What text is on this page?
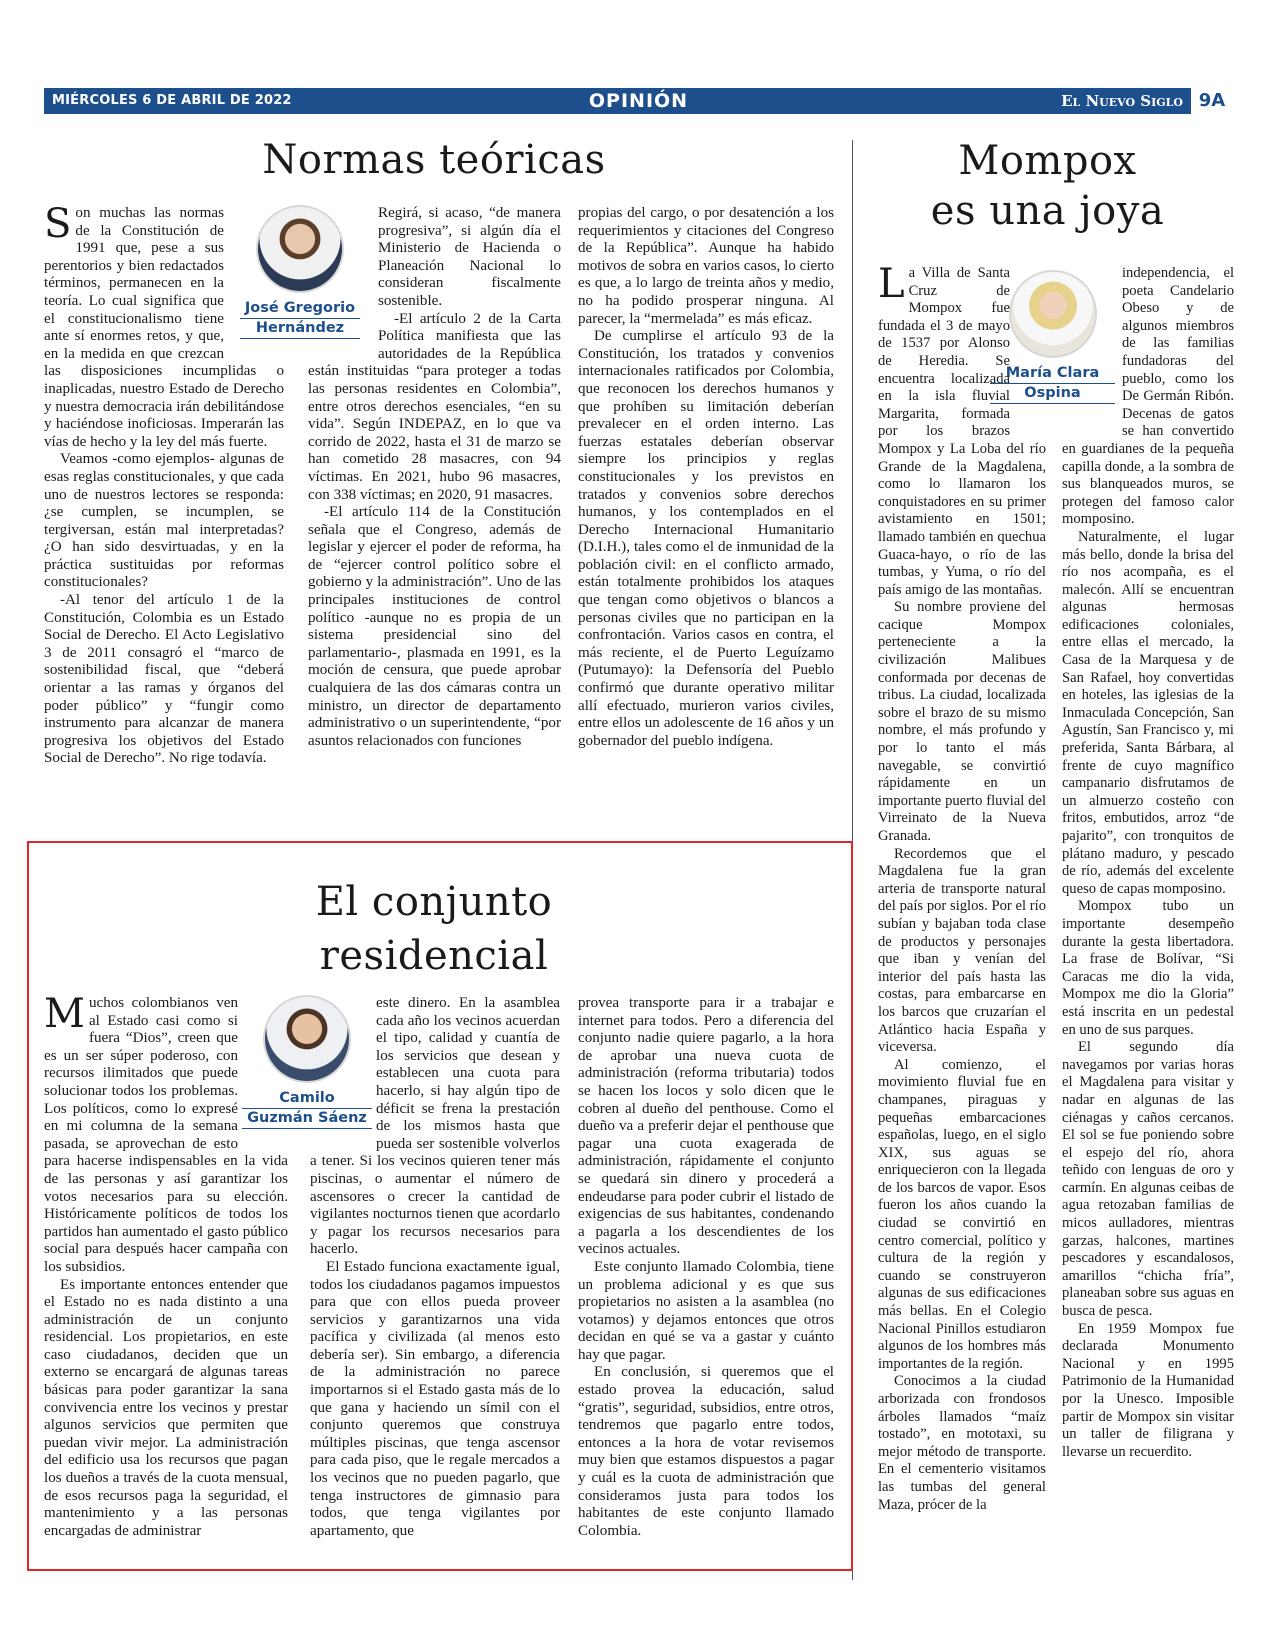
MIÉRCOLES 6 DE ABRIL DE 2022	OPINIÓN	El Nuevo Siglo 9A
Normas teóricas
José Gregorio
Hernández

Son muchas las normas de la Constitución de 1991 que, pese a sus perentorios y bien redactados términos, permanecen en la teoría. Lo cual significa que el constitucionalismo tiene ante sí enormes retos, y que, en la medida en que crezcan las disposiciones incumplidas o inaplicadas, nuestro Estado de Derecho y nuestra democracia irán debilitándose y haciéndose inoficiosas. Imperarán las vías de hecho y la ley del más fuerte.

Veamos -como ejemplos- algunas de esas reglas constitucionales, y que cada uno de nuestros lectores se responda: ¿se cumplen, se incumplen, se tergiversan, están mal interpretadas? ¿O han sido desvirtuadas, y en la práctica sustituidas por reformas constitucionales?

-Al tenor del artículo 1 de la Constitución, Colombia es un Estado Social de Derecho. El Acto Legislativo 3 de 2011 consagró el “marco de sostenibilidad fiscal, que “deberá orientar a las ramas y órganos del poder público” y “fungir como instrumento para alcanzar de manera progresiva los objetivos del Estado Social de Derecho”. No rige todavía.

Regirá, si acaso, “de manera progresiva”, si algún día el Ministerio de Hacienda o Planeación Nacional lo consideran fiscalmente sostenible.

-El artículo 2 de la Carta Política manifiesta que las autoridades de la República están instituidas “para proteger a todas las personas residentes en Colombia”, entre otros derechos esenciales, “en su vida”. Según INDEPAZ, en lo que va corrido de 2022, hasta el 31 de marzo se han cometido 28 masacres, con 94 víctimas. En 2021, hubo 96 masacres, con 338 víctimas; en 2020, 91 masacres.

-El artículo 114 de la Constitución señala que el Congreso, además de legislar y ejercer el poder de reforma, ha de “ejercer control político sobre el gobierno y la administración”. Uno de las principales instituciones de control político -aunque no es propia de un sistema presidencial sino del parlamentario-, plasmada en 1991, es la moción de censura, que puede aprobar cualquiera de las dos cámaras contra un ministro, un director de departamento administrativo o un superintendente, “por asuntos relacionados con funciones

propias del cargo, o por desatención a los requerimientos y citaciones del Congreso de la República”. Aunque ha habido motivos de sobra en varios casos, lo cierto es que, a lo largo de treinta años y medio, no ha podido prosperar ninguna. Al parecer, la “mermelada” es más eficaz.

De cumplirse el artículo 93 de la Constitución, los tratados y convenios internacionales ratificados por Colombia, que reconocen los derechos humanos y que prohíben su limitación deberían prevalecer en el orden interno. Las fuerzas estatales deberían observar siempre los principios y reglas constitucionales y los previstos en tratados y convenios sobre derechos humanos, y los contemplados en el Derecho Internacional Humanitario (D.I.H.), tales como el de inmunidad de la población civil: en el conflicto armado, están totalmente prohibidos los ataques que tengan como objetivos o blancos a personas civiles que no participan en la confrontación. Varios casos en contra, el más reciente, el de Puerto Leguízamo (Putumayo): la Defensoría del Pueblo confirmó que durante operativo militar allí efectuado, murieron varios civiles, entre ellos un adolescente de 16 años y un gobernador del pueblo indígena.

El conjunto
residencial
Camilo
Guzmán Sáenz

Muchos colombianos ven al Estado casi como si fuera “Dios”, creen que es un ser súper poderoso, con recursos ilimitados que puede solucionar todos los problemas. Los políticos, como lo expresé en mi columna de la semana pasada, se aprovechan de esto para hacerse indispensables en la vida de las personas y así garantizar los votos necesarios para su elección. Históricamente políticos de todos los partidos han aumentado el gasto público social para después hacer campaña con los subsidios.

Es importante entonces entender que el Estado no es nada distinto a una administración de un conjunto residencial. Los propietarios, en este caso ciudadanos, deciden que un externo se encargará de algunas tareas básicas para poder garantizar la sana convivencia entre los vecinos y prestar algunos servicios que permiten que puedan vivir mejor. La administración del edificio usa los recursos que pagan los dueños a través de la cuota mensual, de esos recursos paga la seguridad, el mantenimiento y a las personas encargadas de administrar

este dinero. En la asamblea cada año los vecinos acuerdan el tipo, calidad y cuantía de los servicios que desean y establecen una cuota para hacerlo, si hay algún tipo de déficit se frena la prestación de los mismos hasta que pueda ser sostenible volverlos a tener. Si los vecinos quieren tener más piscinas, o aumentar el número de ascensores o crecer la cantidad de vigilantes nocturnos tienen que acordarlo y pagar los recursos necesarios para hacerlo.

El Estado funciona exactamente igual, todos los ciudadanos pagamos impuestos para que con ellos pueda proveer servicios y garantizarnos una vida pacífica y civilizada (al menos esto debería ser). Sin embargo, a diferencia de la administración no parece importarnos si el Estado gasta más de lo que gana y haciendo un símil con el conjunto queremos que construya múltiples piscinas, que tenga ascensor para cada piso, que le regale mercados a los vecinos que no pueden pagarlo, que tenga instructores de gimnasio para todos, que tenga vigilantes por apartamento, que

provea transporte para ir a trabajar e internet para todos. Pero a diferencia del conjunto nadie quiere pagarlo, a la hora de aprobar una nueva cuota de administración (reforma tributaria) todos se hacen los locos y solo dicen que le cobren al dueño del penthouse. Como el dueño va a preferir dejar el penthouse que pagar una cuota exagerada de administración, rápidamente el conjunto se quedará sin dinero y procederá a endeudarse para poder cubrir el listado de exigencias de sus habitantes, condenando a pagarla a los descendientes de los vecinos actuales.

Este conjunto llamado Colombia, tiene un problema adicional y es que sus propietarios no asisten a la asamblea (no votamos) y dejamos entonces que otros decidan en qué se va a gastar y cuánto hay que pagar.

En conclusión, si queremos que el estado provea la educación, salud “gratis”, seguridad, subsidios, entre otros, tendremos que pagarlo entre todos, entonces a la hora de votar revisemos muy bien que estamos dispuestos a pagar y cuál es la cuota de administración que consideramos justa para todos los habitantes de este conjunto llamado Colombia.

Mompox
es una joya
María Clara
Ospina

La Villa de Santa Cruz de Mompox fue fundada el 3 de mayo de 1537 por Alonso de Heredia. Se encuentra localizada en la isla fluvial Margarita, formada por los brazos Mompox y La Loba del río Grande de la Magdalena, como lo llamaron los conquistadores en su primer avistamiento en 1501; llamado también en quechua Guaca-hayo, o río de las tumbas, y Yuma, o río del país amigo de las montañas.

Su nombre proviene del cacique Mompox perteneciente a la civilización Malibues conformada por decenas de tribus. La ciudad, localizada sobre el brazo de su mismo nombre, el más profundo y por lo tanto el más navegable, se convirtió rápidamente en un importante puerto fluvial del Virreinato de la Nueva Granada.

Recordemos que el Magdalena fue la gran arteria de transporte natural del país por siglos. Por el río subían y bajaban toda clase de productos y personajes que iban y venían del interior del país hasta las costas, para embarcarse en los barcos que cruzarían el Atlántico hacia España y viceversa.

Al comienzo, el movimiento fluvial fue en champanes, piraguas y pequeñas embarcaciones españolas, luego, en el siglo XIX, sus aguas se enriquecieron con la llegada de los barcos de vapor. Esos fueron los años cuando la ciudad se convirtió en centro comercial, político y cultura de la región y cuando se construyeron algunas de sus edificaciones más bellas. En el Colegio Nacional Pinillos estudiaron algunos de los hombres más importantes de la región.

Conocimos a la ciudad arborizada con frondosos árboles llamados “maíz tostado”, en mototaxi, su mejor método de transporte. En el cementerio visitamos las tumbas del general Maza, prócer de la

independencia, el poeta Candelario Obeso y de algunos miembros de las familias fundadoras del pueblo, como los De Germán Ribón. Decenas de gatos se han convertido en guardianes de la pequeña capilla donde, a la sombra de sus blanqueados muros, se protegen del famoso calor momposino.

Naturalmente, el lugar más bello, donde la brisa del río nos acompaña, es el malecón. Allí se encuentran algunas hermosas edificaciones coloniales, entre ellas el mercado, la Casa de la Marquesa y de San Rafael, hoy convertidas en hoteles, las iglesias de la Inmaculada Concepción, San Agustín, San Francisco y, mi preferida, Santa Bárbara, al frente de cuyo magnífico campanario disfrutamos de un almuerzo costeño con fritos, embutidos, arroz “de pajarito”, con tronquitos de plátano maduro, y pescado de río, además del excelente queso de capas momposino.

Mompox tubo un importante desempeño durante la gesta libertadora. La frase de Bolívar, “Si Caracas me dio la vida, Mompox me dio la Gloria” está inscrita en un pedestal en uno de sus parques.

El segundo día navegamos por varias horas el Magdalena para visitar y nadar en algunas de las ciénagas y caños cercanos. El sol se fue poniendo sobre el espejo del río, ahora teñido con lenguas de oro y carmín. En algunas ceibas de agua retozaban familias de micos aulladores, mientras garzas, halcones, martines pescadores y escandalosos, amarillos “chicha fría”, planeaban sobre sus aguas en busca de pesca.

En 1959 Mompox fue declarada Monumento Nacional y en 1995 Patrimonio de la Humanidad por la Unesco. Imposible partir de Mompox sin visitar un taller de filigrana y llevarse un recuerdito.
